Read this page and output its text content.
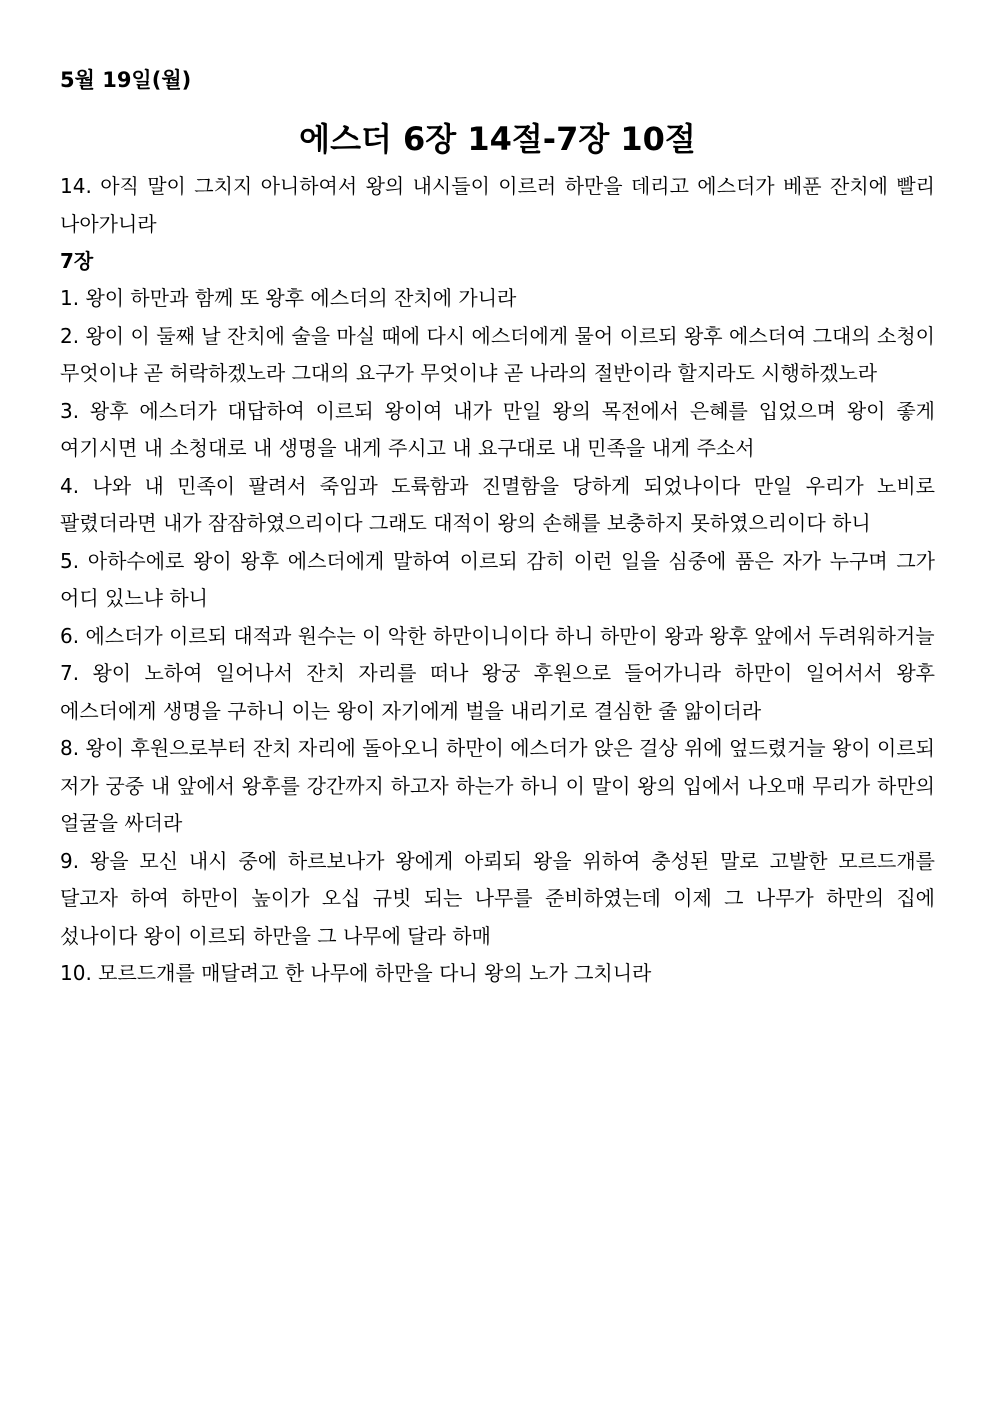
5월 19일(월)
에스더 6장 14절-7장 10절
14. 아직 말이 그치지 아니하여서 왕의 내시들이 이르러 하만을 데리고 에스더가 베푼 잔치에 빨리 나아가니라
7장
1. 왕이 하만과 함께 또 왕후 에스더의 잔치에 가니라
2. 왕이 이 둘째 날 잔치에 술을 마실 때에 다시 에스더에게 물어 이르되 왕후 에스더여 그대의 소청이 무엇이냐 곧 허락하겠노라 그대의 요구가 무엇이냐 곧 나라의 절반이라 할지라도 시행하겠노라
3. 왕후 에스더가 대답하여 이르되 왕이여 내가 만일 왕의 목전에서 은혜를 입었으며 왕이 좋게 여기시면 내 소청대로 내 생명을 내게 주시고 내 요구대로 내 민족을 내게 주소서
4. 나와 내 민족이 팔려서 죽임과 도륙함과 진멸함을 당하게 되었나이다 만일 우리가 노비로 팔렸더라면 내가 잠잠하였으리이다 그래도 대적이 왕의 손해를 보충하지 못하였으리이다 하니
5. 아하수에로 왕이 왕후 에스더에게 말하여 이르되 감히 이런 일을 심중에 품은 자가 누구며 그가 어디 있느냐 하니
6. 에스더가 이르되 대적과 원수는 이 악한 하만이니이다 하니 하만이 왕과 왕후 앞에서 두려워하거늘
7. 왕이 노하여 일어나서 잔치 자리를 떠나 왕궁 후원으로 들어가니라 하만이 일어서서 왕후 에스더에게 생명을 구하니 이는 왕이 자기에게 벌을 내리기로 결심한 줄 앎이더라
8. 왕이 후원으로부터 잔치 자리에 돌아오니 하만이 에스더가 앉은 걸상 위에 엎드렸거늘 왕이 이르되 저가 궁중 내 앞에서 왕후를 강간까지 하고자 하는가 하니 이 말이 왕의 입에서 나오매 무리가 하만의 얼굴을 싸더라
9. 왕을 모신 내시 중에 하르보나가 왕에게 아뢰되 왕을 위하여 충성된 말로 고발한 모르드개를 달고자 하여 하만이 높이가 오십 규빗 되는 나무를 준비하였는데 이제 그 나무가 하만의 집에 섰나이다 왕이 이르되 하만을 그 나무에 달라 하매
10. 모르드개를 매달려고 한 나무에 하만을 다니 왕의 노가 그치니라
